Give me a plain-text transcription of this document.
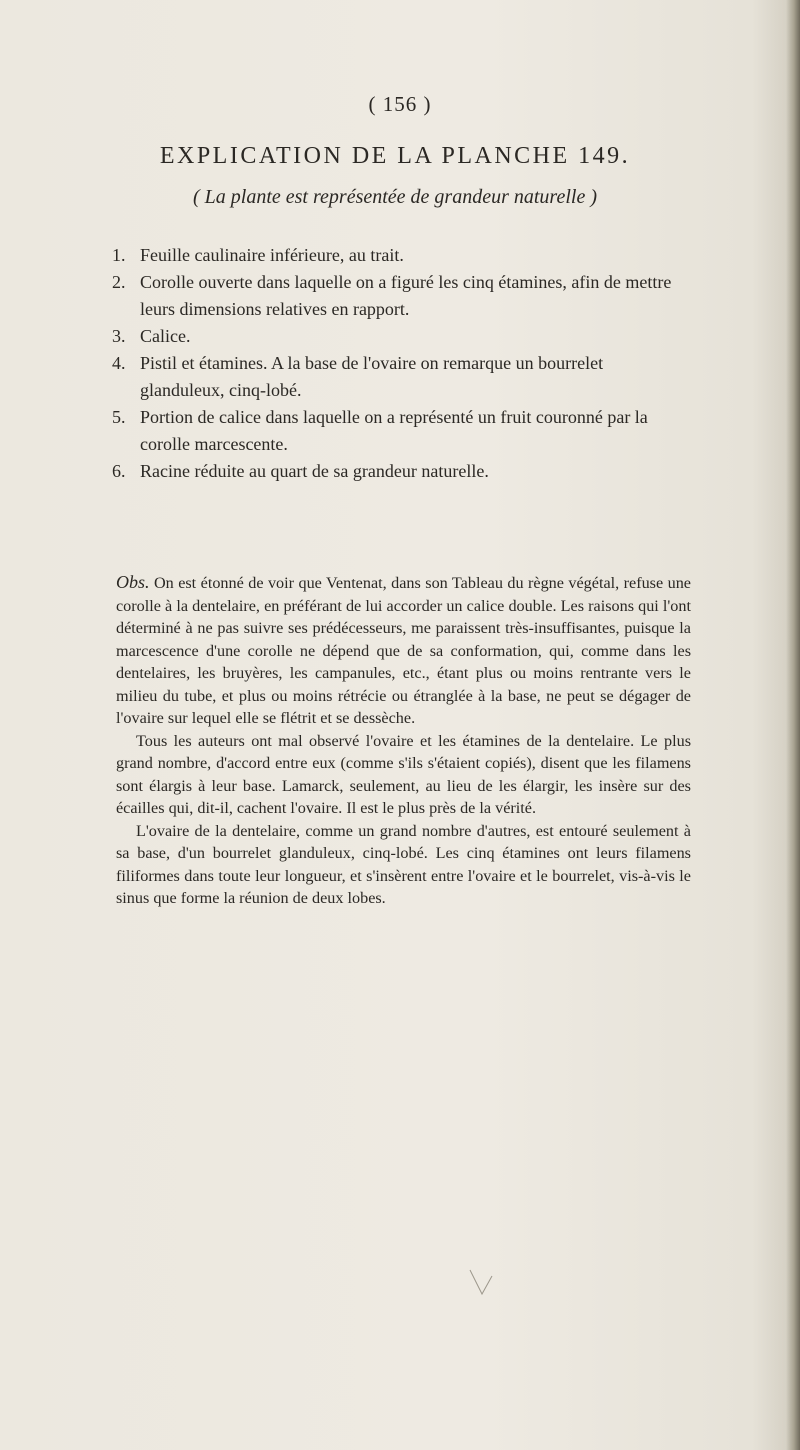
( 156 )
EXPLICATION DE LA PLANCHE 149.
( La plante est représentée de grandeur naturelle )
1. Feuille caulinaire inférieure, au trait.
2. Corolle ouverte dans laquelle on a figuré les cinq étamines, afin de mettre leurs dimensions relatives en rapport.
3. Calice.
4. Pistil et étamines. A la base de l'ovaire on remarque un bourrelet glanduleux, cinq-lobé.
5. Portion de calice dans laquelle on a représenté un fruit couronné par la corolle marcescente.
6. Racine réduite au quart de sa grandeur naturelle.

Obs. On est étonné de voir que Ventenat, dans son Tableau du règne végétal, refuse une corolle à la dentelaire, en préférant de lui accorder un calice double. Les raisons qui l'ont déterminé à ne pas suivre ses prédécesseurs, me paraissent très-insuffisantes, puisque la marcescence d'une corolle ne dépend que de sa conformation, qui, comme dans les dentelaires, les bruyères, les campanules, etc., étant plus ou moins rentrante vers le milieu du tube, et plus ou moins rétrécie ou étranglée à la base, ne peut se dégager de l'ovaire sur lequel elle se flétrit et se dessèche.

Tous les auteurs ont mal observé l'ovaire et les étamines de la dentelaire. Le plus grand nombre, d'accord entre eux (comme s'ils s'étaient copiés), disent que les filamens sont élargis à leur base. Lamarck, seulement, au lieu de les élargir, les insère sur des écailles qui, dit-il, cachent l'ovaire. Il est le plus près de la vérité.

L'ovaire de la dentelaire, comme un grand nombre d'autres, est entouré seulement à sa base, d'un bourrelet glanduleux, cinq-lobé. Les cinq étamines ont leurs filamens filiformes dans toute leur longueur, et s'insèrent entre l'ovaire et le bourrelet, vis-à-vis le sinus que forme la réunion de deux lobes.
